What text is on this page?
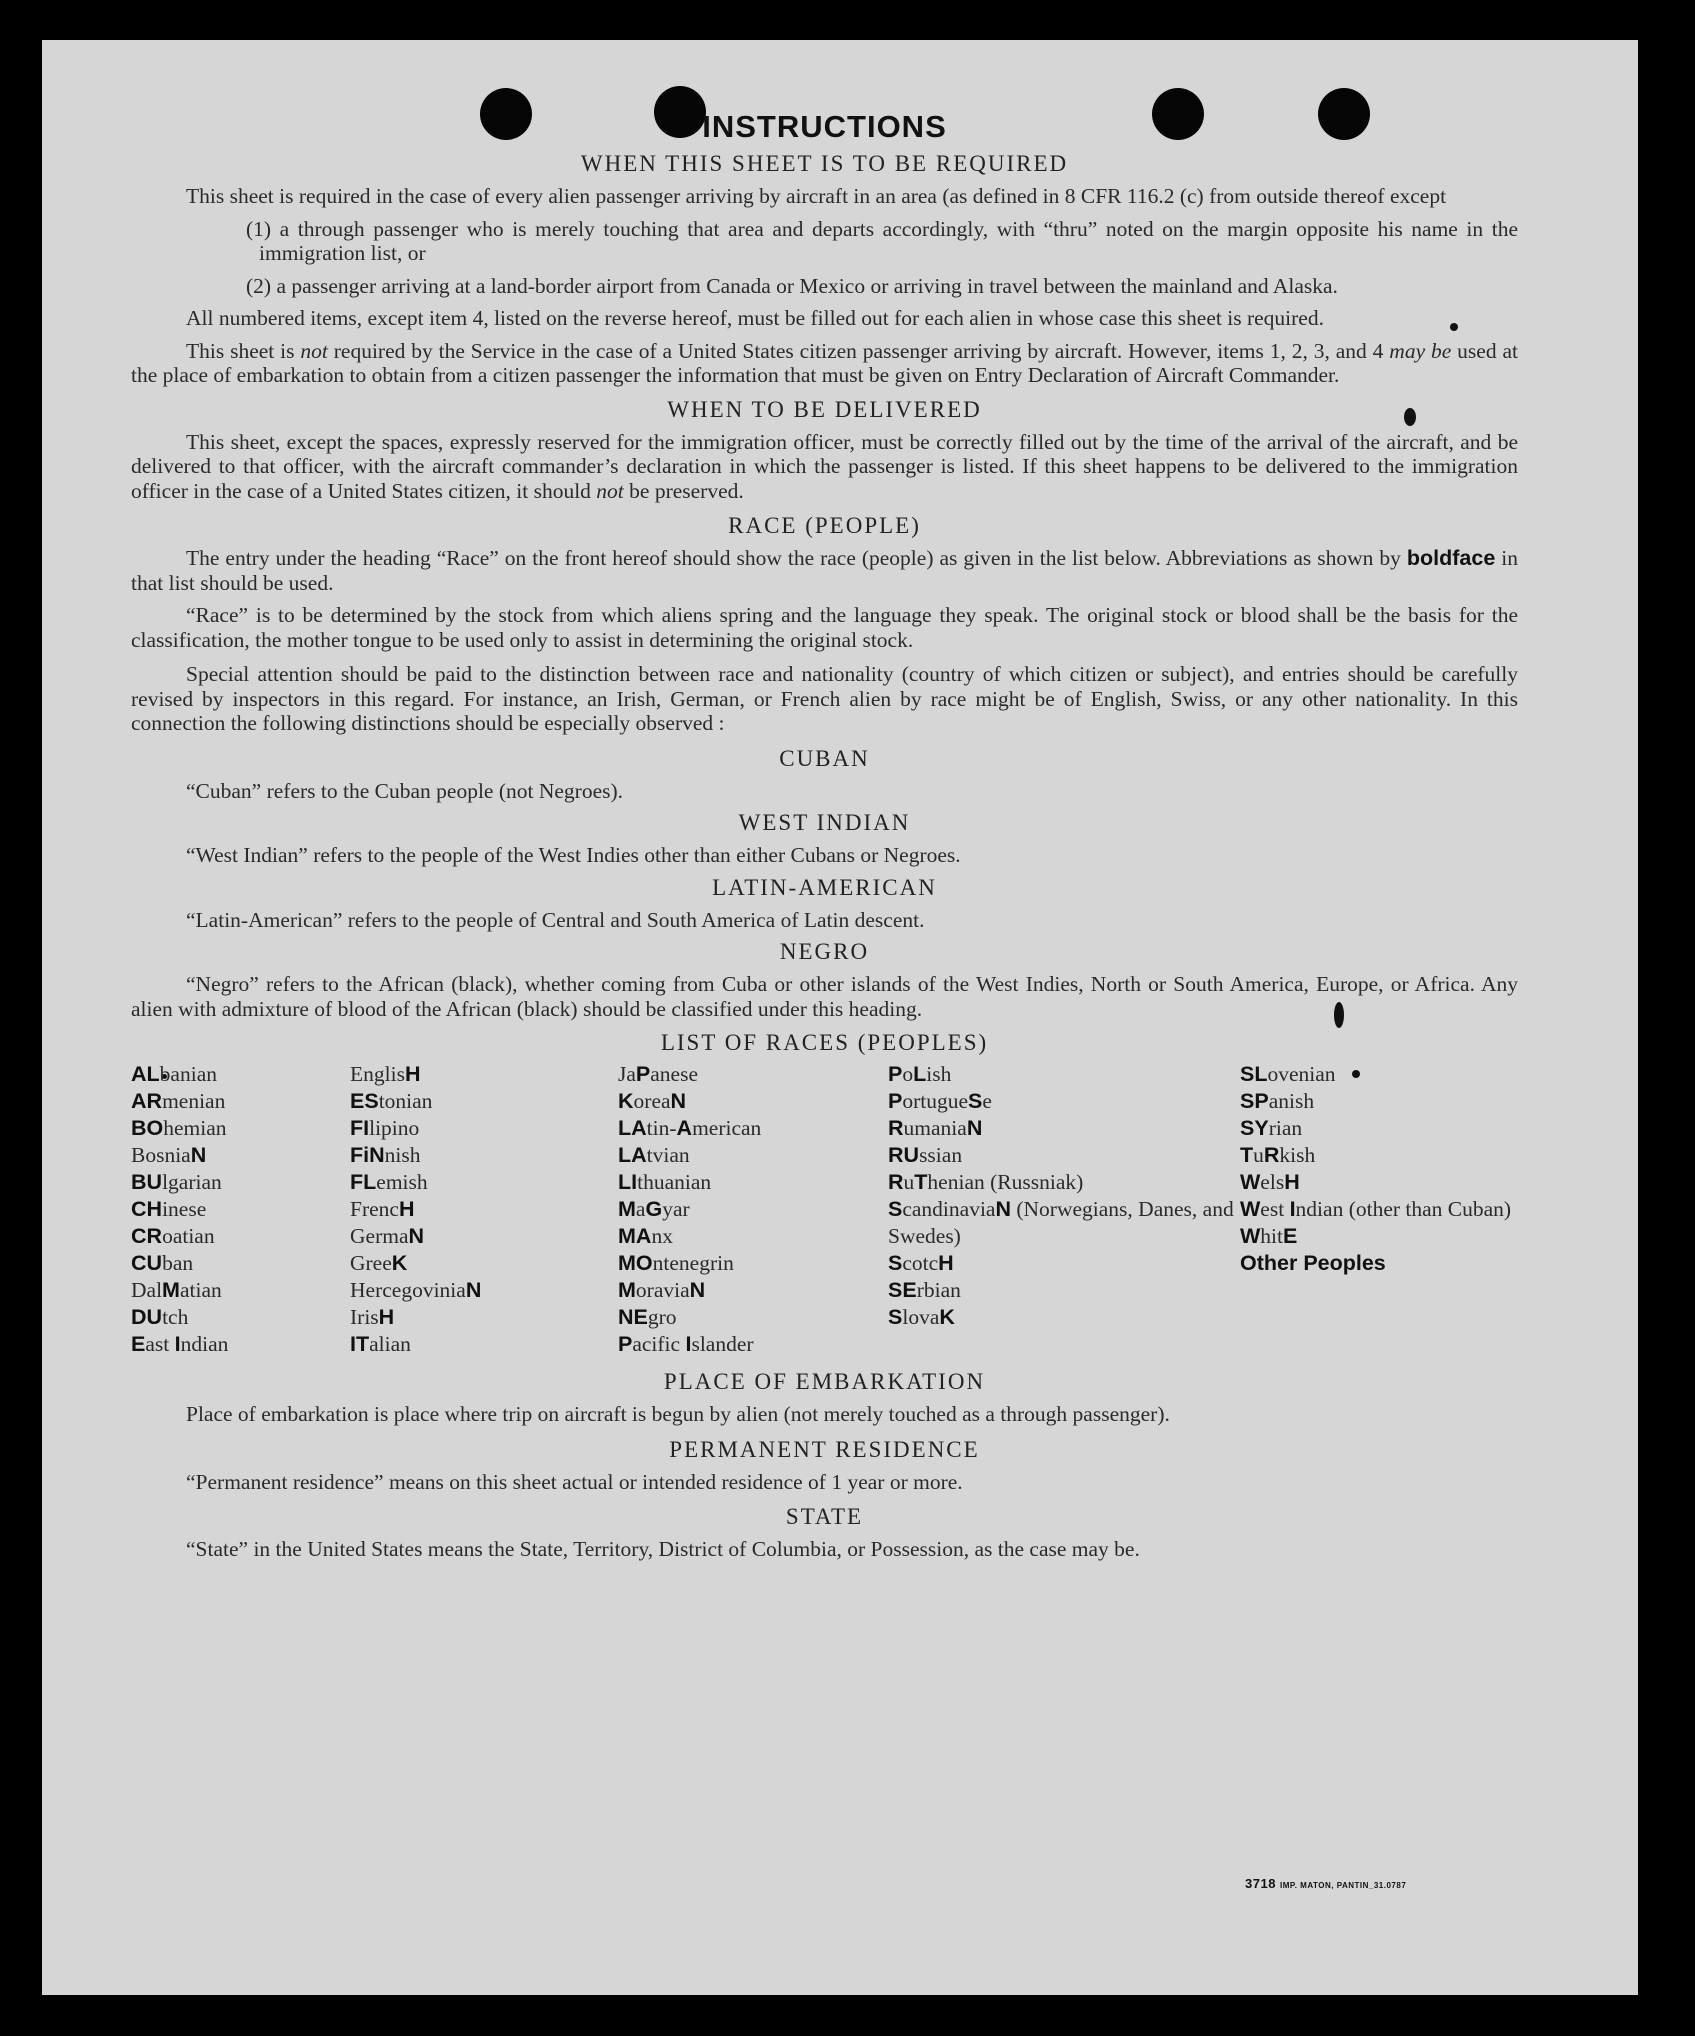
INSTRUCTIONS
WHEN THIS SHEET IS TO BE REQUIRED

This sheet is required in the case of every alien passenger arriving by aircraft in an area (as defined in 8 CFR 116.2 (c) from outside thereof except

(1) a through passenger who is merely touching that area and departs accordingly, with “thru” noted on the margin opposite his name in the immigration list, or

(2) a passenger arriving at a land-border airport from Canada or Mexico or arriving in travel between the mainland and Alaska.

All numbered items, except item 4, listed on the reverse hereof, must be filled out for each alien in whose case this sheet is required.

This sheet is not required by the Service in the case of a United States citizen passenger arriving by aircraft. However, items 1, 2, 3, and 4 may be used at the place of embarkation to obtain from a citizen passenger the information that must be given on Entry Declaration of Aircraft Commander.

WHEN TO BE DELIVERED

This sheet, except the spaces, expressly reserved for the immigration officer, must be correctly filled out by the time of the arrival of the aircraft, and be delivered to that officer, with the aircraft commander’s declaration in which the passenger is listed. If this sheet happens to be delivered to the immigration officer in the case of a United States citizen, it should not be preserved.

RACE (PEOPLE)

The entry under the heading “Race” on the front hereof should show the race (people) as given in the list below. Abbreviations as shown by boldface in that list should be used.

“Race” is to be determined by the stock from which aliens spring and the language they speak. The original stock or blood shall be the basis for the classification, the mother tongue to be used only to assist in determining the original stock.

Special attention should be paid to the distinction between race and nationality (country of which citizen or subject), and entries should be carefully revised by inspectors in this regard. For instance, an Irish, German, or French alien by race might be of English, Swiss, or any other nationality. In this connection the following distinctions should be especially observed :

CUBAN

“Cuban” refers to the Cuban people (not Negroes).

WEST INDIAN

“West Indian” refers to the people of the West Indies other than either Cubans or Negroes.

LATIN-AMERICAN

“Latin-American” refers to the people of Central and South America of Latin descent.

NEGRO

“Negro” refers to the African (black), whether coming from Cuba or other islands of the West Indies, North or South America, Europe, or Africa. Any alien with admixture of blood of the African (black) should be classified under this heading.

LIST OF RACES (PEOPLES)
ALbanian
ARmenian
BOhemian
BosniaN
BUlgarian
CHinese
CRoatian
CUban
DalMatian
DUtch
East Indian
EnglisH
EStonian
FIlipino
FiNnish
FLemish
FrencH
GermaN
GreeK
HercegoviniaN
IrisH
ITalian
JaPanese
KoreaN
LAtin-American
LAtvian
LIthuanian
MaGyar
MAnx
MOntenegrin
MoraviaN
NEgro
Pacific Islander
PoLish
PortugueSe
RumaniaN
RUssian
RuThenian (Russniak)
ScandinaviaN (Norwegians, Danes, and Swedes)
ScotcH
SErbian
SlovaK
SLovenian
SPanish
SYrian
TuRkish
WelsH
West Indian (other than Cuban)
WhitE
Other Peoples
PLACE OF EMBARKATION

Place of embarkation is place where trip on aircraft is begun by alien (not merely touched as a through passenger).

PERMANENT RESIDENCE

“Permanent residence” means on this sheet actual or intended residence of 1 year or more.

STATE

“State” in the United States means the State, Territory, District of Columbia, or Possession, as the case may be.

3718 IMP. MATON, PANTIN_31.0787
